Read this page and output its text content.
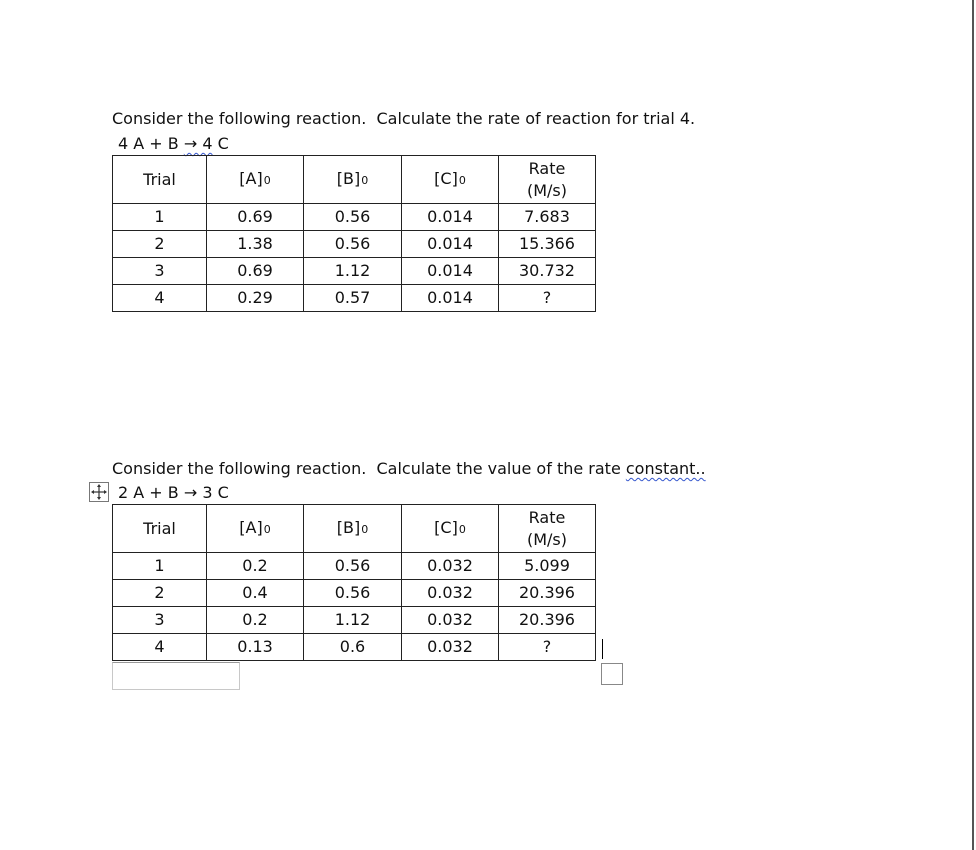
Consider the following reaction.  Calculate the rate of reaction for trial 4.
4 A + B → 4 C
Trial	[A]0	[B]0	[C]0	Rate
(M/s)
1	0.69	0.56	0.014	7.683
2	1.38	0.56	0.014	15.366
3	0.69	1.12	0.014	30.732
4	0.29	0.57	0.014	?
Consider the following reaction.  Calculate the value of the rate constant..
2 A + B → 3 C
Trial	[A]0	[B]0	[C]0	Rate
(M/s)
1	0.2	0.56	0.032	5.099
2	0.4	0.56	0.032	20.396
3	0.2	1.12	0.032	20.396
4	0.13	0.6	0.032	?
